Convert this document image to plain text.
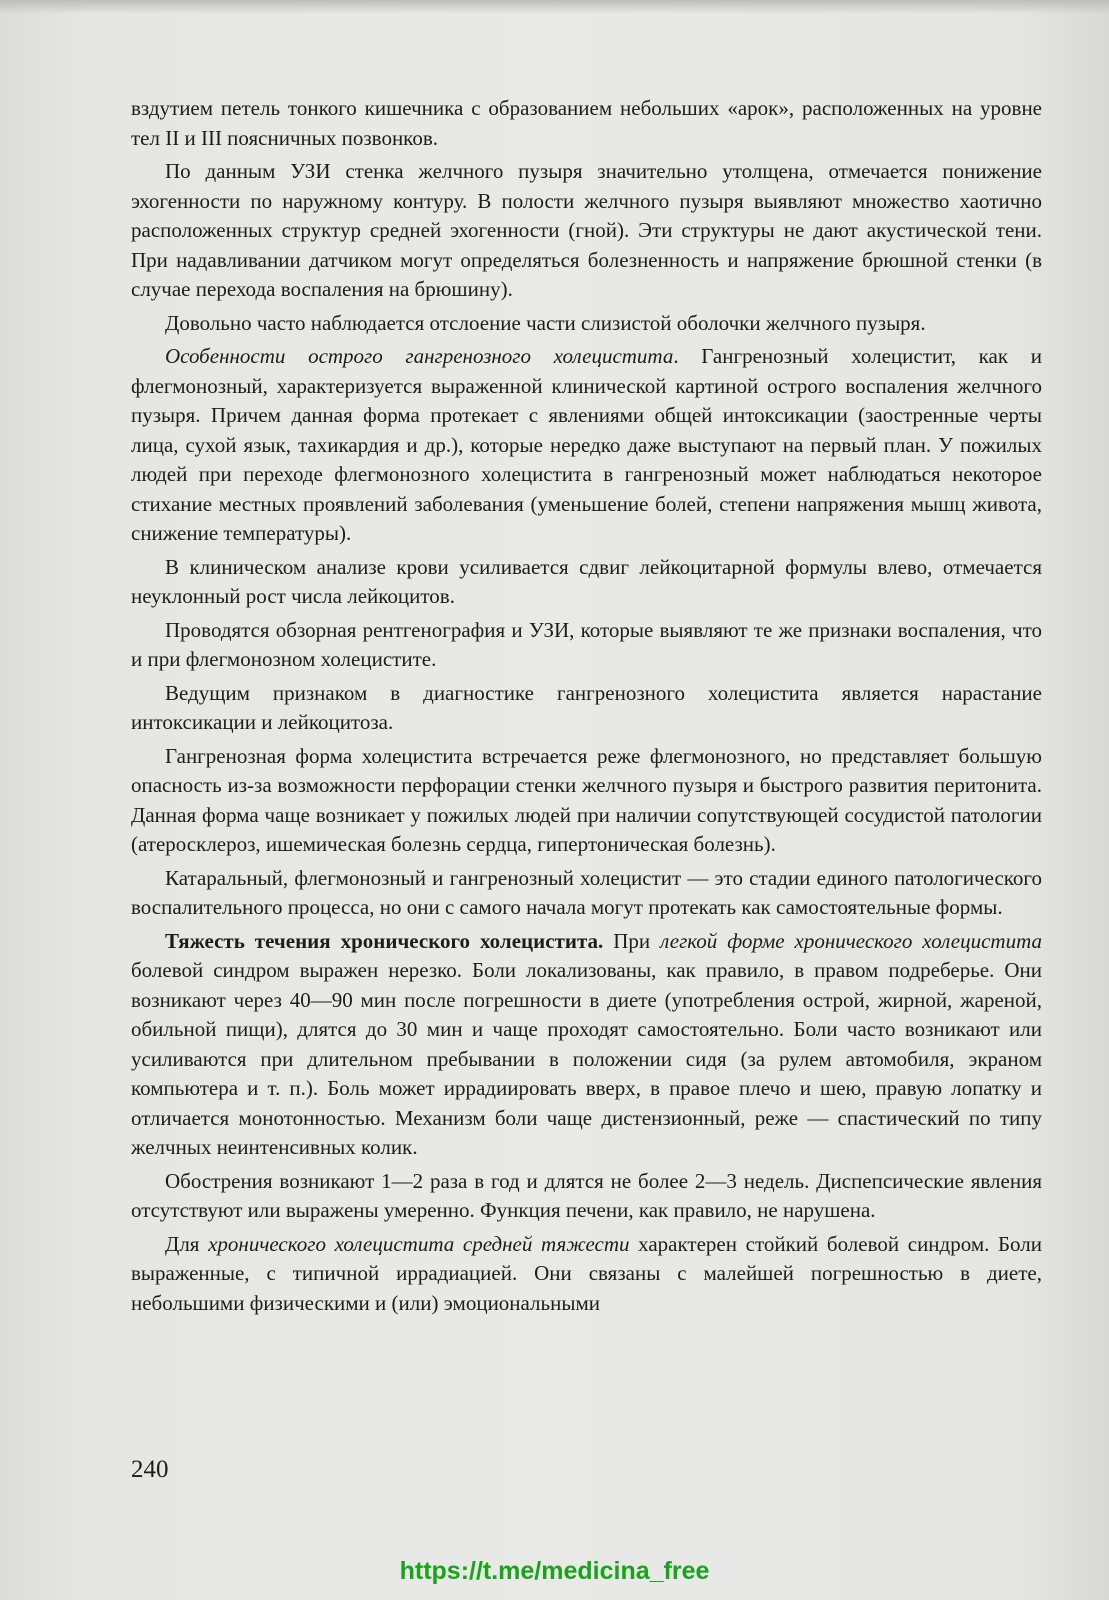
вздутием петель тонкого кишечника с образованием небольших «арок», расположенных на уровне тел II и III поясничных позвонков.

По данным УЗИ стенка желчного пузыря значительно утолщена, отмечается понижение эхогенности по наружному контуру. В полости желчного пузыря выявляют множество хаотично расположенных структур средней эхогенности (гной). Эти структуры не дают акустической тени. При надавливании датчиком могут определяться болезненность и напряжение брюшной стенки (в случае перехода воспаления на брюшину).

Довольно часто наблюдается отслоение части слизистой оболочки желчного пузыря.

Особенности острого гангренозного холецистита. Гангренозный холецистит, как и флегмонозный, характеризуется выраженной клинической картиной острого воспаления желчного пузыря. Причем данная форма протекает с явлениями общей интоксикации (заостренные черты лица, сухой язык, тахикардия и др.), которые нередко даже выступают на первый план. У пожилых людей при переходе флегмонозного холецистита в гангренозный может наблюдаться некоторое стихание местных проявлений заболевания (уменьшение болей, степени напряжения мышц живота, снижение температуры).

В клиническом анализе крови усиливается сдвиг лейкоцитарной формулы влево, отмечается неуклонный рост числа лейкоцитов.

Проводятся обзорная рентгенография и УЗИ, которые выявляют те же признаки воспаления, что и при флегмонозном холецистите.

Ведущим признаком в диагностике гангренозного холецистита является нарастание интоксикации и лейкоцитоза.

Гангренозная форма холецистита встречается реже флегмонозного, но представляет большую опасность из-за возможности перфорации стенки желчного пузыря и быстрого развития перитонита. Данная форма чаще возникает у пожилых людей при наличии сопутствующей сосудистой патологии (атеросклероз, ишемическая болезнь сердца, гипертоническая болезнь).

Катаральный, флегмонозный и гангренозный холецистит — это стадии единого патологического воспалительного процесса, но они с самого начала могут протекать как самостоятельные формы.

Тяжесть течения хронического холецистита. При легкой форме хронического холецистита болевой синдром выражен нерезко. Боли локализованы, как правило, в правом подреберье. Они возникают через 40—90 мин после погрешности в диете (употребления острой, жирной, жареной, обильной пищи), длятся до 30 мин и чаще проходят самостоятельно. Боли часто возникают или усиливаются при длительном пребывании в положении сидя (за рулем автомобиля, экраном компьютера и т. п.). Боль может иррадиировать вверх, в правое плечо и шею, правую лопатку и отличается монотонностью. Механизм боли чаще дистензионный, реже — спастический по типу желчных неинтенсивных колик.

Обострения возникают 1—2 раза в год и длятся не более 2—3 недель. Диспепсические явления отсутствуют или выражены умеренно. Функция печени, как правило, не нарушена.

Для хронического холецистита средней тяжести характерен стойкий болевой синдром. Боли выраженные, с типичной иррадиацией. Они связаны с малейшей погрешностью в диете, небольшими физическими и (или) эмоциональными

240
https://t.me/medicina_free
